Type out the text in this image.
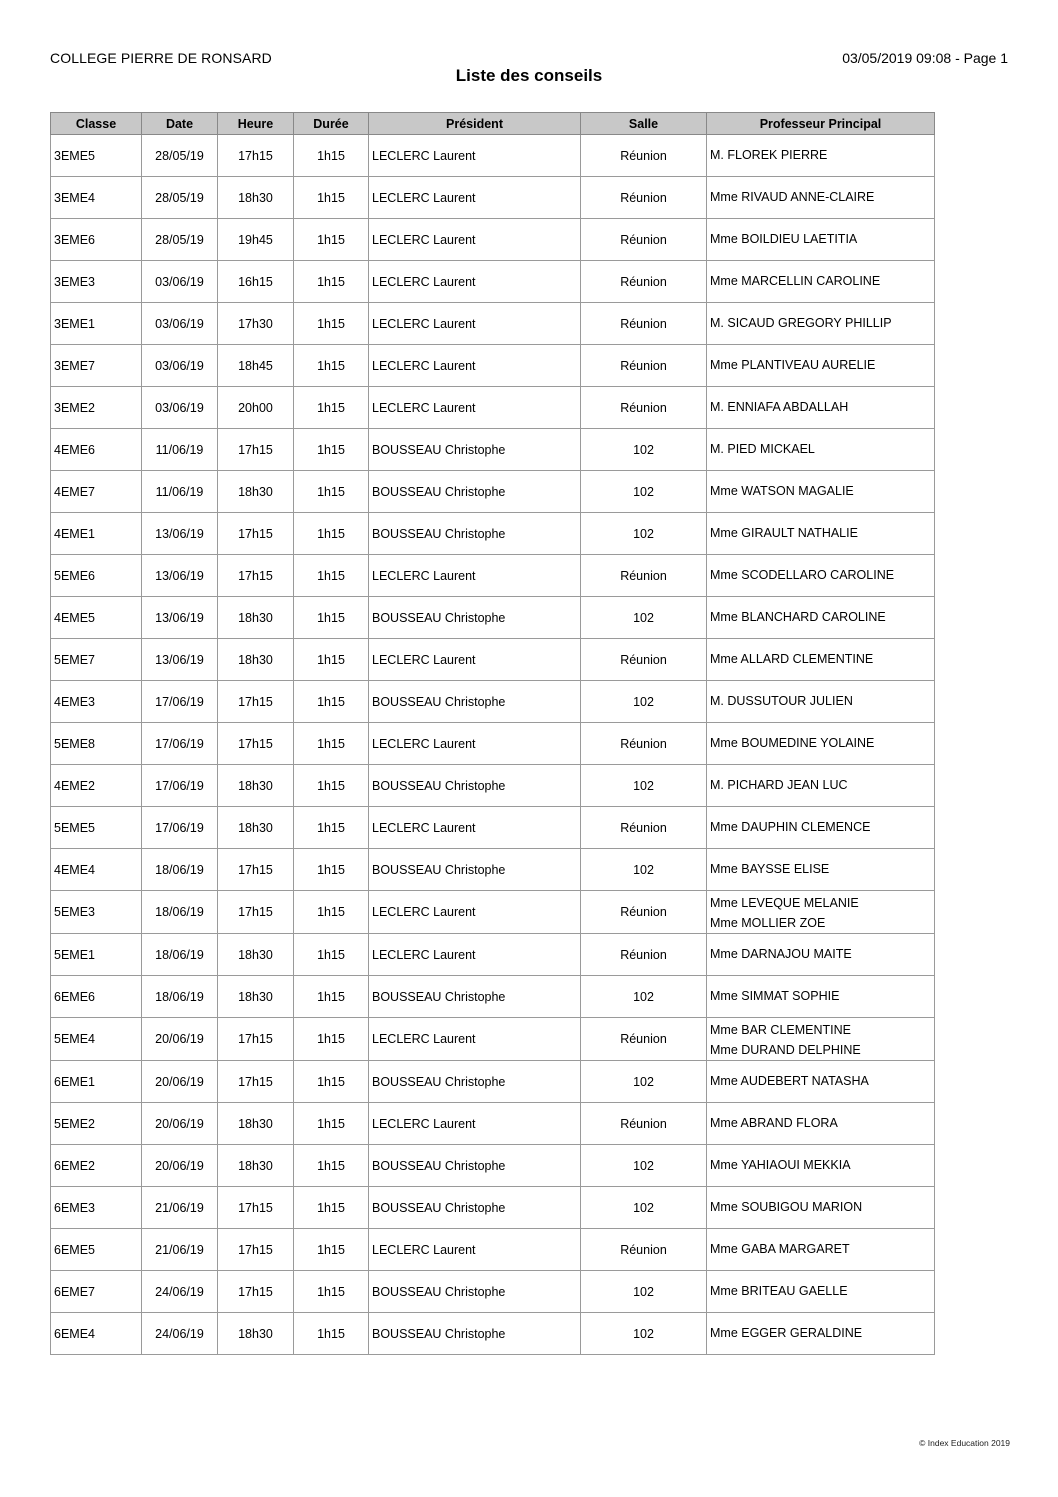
COLLEGE PIERRE DE RONSARD	03/05/2019 09:08 - Page 1
Liste des conseils
Classe	Date	Heure	Durée	Président	Salle	Professeur Principal
3EME5	28/05/19	17h15	1h15	LECLERC Laurent	Réunion	M. FLOREK PIERRE

3EME4	28/05/19	18h30	1h15	LECLERC Laurent	Réunion	Mme RIVAUD ANNE-CLAIRE

3EME6	28/05/19	19h45	1h15	LECLERC Laurent	Réunion	Mme BOILDIEU LAETITIA

3EME3	03/06/19	16h15	1h15	LECLERC Laurent	Réunion	Mme MARCELLIN CAROLINE

3EME1	03/06/19	17h30	1h15	LECLERC Laurent	Réunion	M. SICAUD GREGORY PHILLIP

3EME7	03/06/19	18h45	1h15	LECLERC Laurent	Réunion	Mme PLANTIVEAU AURELIE

3EME2	03/06/19	20h00	1h15	LECLERC Laurent	Réunion	M. ENNIAFA ABDALLAH

4EME6	11/06/19	17h15	1h15	BOUSSEAU Christophe	102	M. PIED MICKAEL

4EME7	11/06/19	18h30	1h15	BOUSSEAU Christophe	102	Mme WATSON MAGALIE

4EME1	13/06/19	17h15	1h15	BOUSSEAU Christophe	102	Mme GIRAULT NATHALIE

5EME6	13/06/19	17h15	1h15	LECLERC Laurent	Réunion	Mme SCODELLARO CAROLINE

4EME5	13/06/19	18h30	1h15	BOUSSEAU Christophe	102	Mme BLANCHARD CAROLINE

5EME7	13/06/19	18h30	1h15	LECLERC Laurent	Réunion	Mme ALLARD CLEMENTINE

4EME3	17/06/19	17h15	1h15	BOUSSEAU Christophe	102	M. DUSSUTOUR JULIEN

5EME8	17/06/19	17h15	1h15	LECLERC Laurent	Réunion	Mme BOUMEDINE YOLAINE

4EME2	17/06/19	18h30	1h15	BOUSSEAU Christophe	102	M. PICHARD JEAN LUC

5EME5	17/06/19	18h30	1h15	LECLERC Laurent	Réunion	Mme DAUPHIN CLEMENCE

4EME4	18/06/19	17h15	1h15	BOUSSEAU Christophe	102	Mme BAYSSE ELISE

5EME3	18/06/19	17h15	1h15	LECLERC Laurent	Réunion	Mme LEVEQUE MELANIE
Mme MOLLIER ZOE

5EME1	18/06/19	18h30	1h15	LECLERC Laurent	Réunion	Mme DARNAJOU MAITE

6EME6	18/06/19	18h30	1h15	BOUSSEAU Christophe	102	Mme SIMMAT SOPHIE

5EME4	20/06/19	17h15	1h15	LECLERC Laurent	Réunion	Mme BAR CLEMENTINE
Mme DURAND DELPHINE

6EME1	20/06/19	17h15	1h15	BOUSSEAU Christophe	102	Mme AUDEBERT NATASHA

5EME2	20/06/19	18h30	1h15	LECLERC Laurent	Réunion	Mme ABRAND FLORA

6EME2	20/06/19	18h30	1h15	BOUSSEAU Christophe	102	Mme YAHIAOUI MEKKIA

6EME3	21/06/19	17h15	1h15	BOUSSEAU Christophe	102	Mme SOUBIGOU MARION

6EME5	21/06/19	17h15	1h15	LECLERC Laurent	Réunion	Mme GABA MARGARET

6EME7	24/06/19	17h15	1h15	BOUSSEAU Christophe	102	Mme BRITEAU GAELLE

6EME4	24/06/19	18h30	1h15	BOUSSEAU Christophe	102	Mme EGGER GERALDINE
© Index Education 2019
